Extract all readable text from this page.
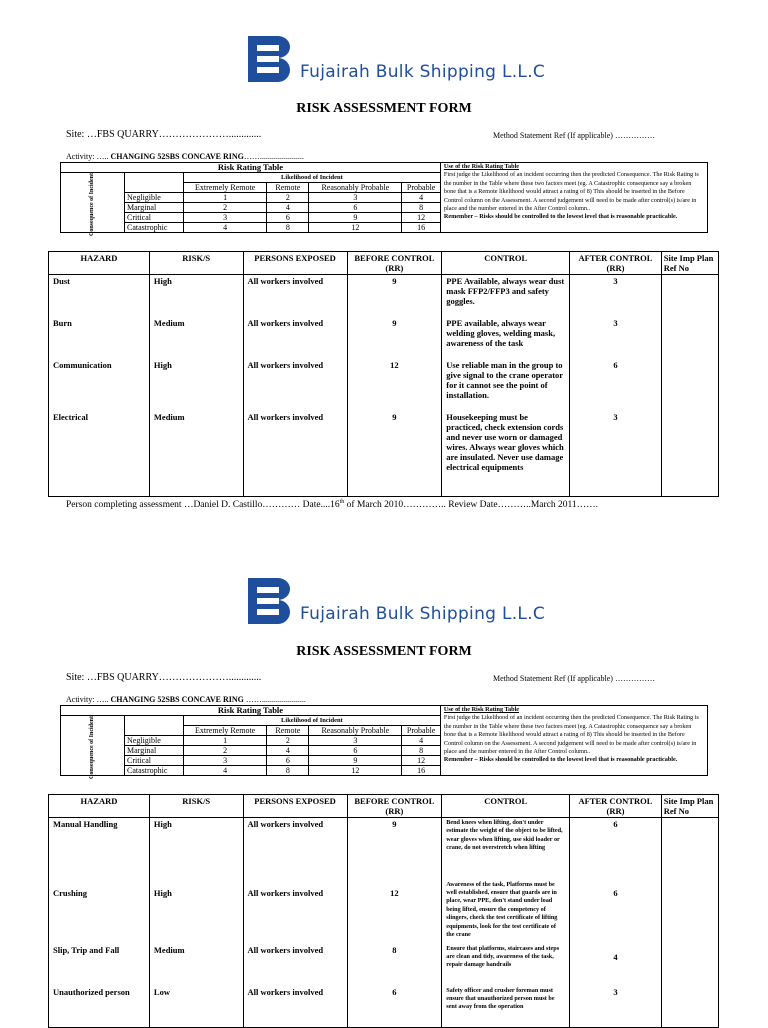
Fujairah Bulk Shipping L.L.C
RISK ASSESSMENT FORM
Site: …FBS QUARRY………………….............	Method Statement Ref (If applicable) ……………
Activity: ….. CHANGING 52SBS CONCAVE RING……......................
Risk Rating Table						Use of the Risk Rating Table
First judge the Likelihood of an incident occurring then the predicted Consequence. The Risk Rating is the number in the Table where these two factors meet (eg. A Catastrophic consequence say a broken bone that is a Remote likelihood would attract a rating of 8) This should be inserted in the Before Control column on the Assessment. A second judgement will need to be made after control(s) is/are in place and the number entered in the After Control column..
Remember – Risks should be controlled to the lowest level that is reasonable practicable.
Consequence of Incident		Likelihood of Incident				
		Extremely Remote	Remote	Reasonably Probable	Probable	
	Negligible	1	2	3	4	
	Marginal	2	4	6	8	
	Critical	3	6	9	12	
	Catastrophic	4	8	12	16	
HAZARD	RISK/S	PERSONS EXPOSED	BEFORE CONTROL (RR)	CONTROL	AFTER CONTROL (RR)	Site Imp Plan Ref No
Dust	High	All workers involved	9	PPE Available, always wear dust mask FFP2/FFP3 and safety goggles.	3	
Burn	Medium	All workers involved	9	PPE available, always wear welding gloves, welding mask, awareness of the task	3	
Communication	High	All workers involved	12	Use reliable man in the group to give signal to the crane operator for it cannot see the point of installation.	6	
Electrical	Medium	All workers involved	9	Housekeeping must be practiced, check extension cords and never use worn or damaged wires. Always wear gloves which are insulated. Never use damage electrical equipments	3	
Person completing assessment …Daniel D. Castillo………… Date....16th of March 2010………….. Review Date………..March 2011…….
Fujairah Bulk Shipping L.L.C
RISK ASSESSMENT FORM
Site: …FBS QUARRY………………….............	Method Statement Ref (If applicable) ……………
Activity: ….. CHANGING 52SBS CONCAVE RING ……......................
Risk Rating Table						Use of the Risk Rating Table
First judge the Likelihood of an incident occurring then the predicted Consequence. The Risk Rating is the number in the Table where these two factors meet (eg. A Catastrophic consequence say a broken bone that is a Remote likelihood would attract a rating of 8) This should be inserted in the Before Control column on the Assessment. A second judgement will need to be made after control(s) is/are in place and the number entered in the After Control column..
Remember – Risks should be controlled to the lowest level that is reasonable practicable.
Consequence of Incident		Likelihood of Incident				
		Extremely Remote	Remote	Reasonably Probable	Probable	
	Negligible	1	2	3	4	
	Marginal	2	4	6	8	
	Critical	3	6	9	12	
	Catastrophic	4	8	12	16	
HAZARD	RISK/S	PERSONS EXPOSED	BEFORE CONTROL (RR)	CONTROL	AFTER CONTROL (RR)	Site Imp Plan Ref No
Manual Handling	High	All workers involved	9	Bend knees when lifting, don't under estimate the weight of the object to be lifted, wear gloves when lifting, use skid loader or crane, do not overstretch when lifting	6	
Crushing	High	All workers involved	12	Awareness of the task, Platforms must be well established, ensure that guards are in place, wear PPE, don't stand under load being lifted, ensure the competency of slingers, check the test certificate of lifting equipments, look for the test certificate of the crane	6	
Slip, Trip and Fall	Medium	All workers involved	8	Ensure that platforms, staircases and steps are clean and tidy, awareness of the task, repair damage handrails	4	
Unauthorized person	Low	All workers involved	6	Safety officer and crusher foreman must ensure that unauthorized person must be sent away from the operation	3	
